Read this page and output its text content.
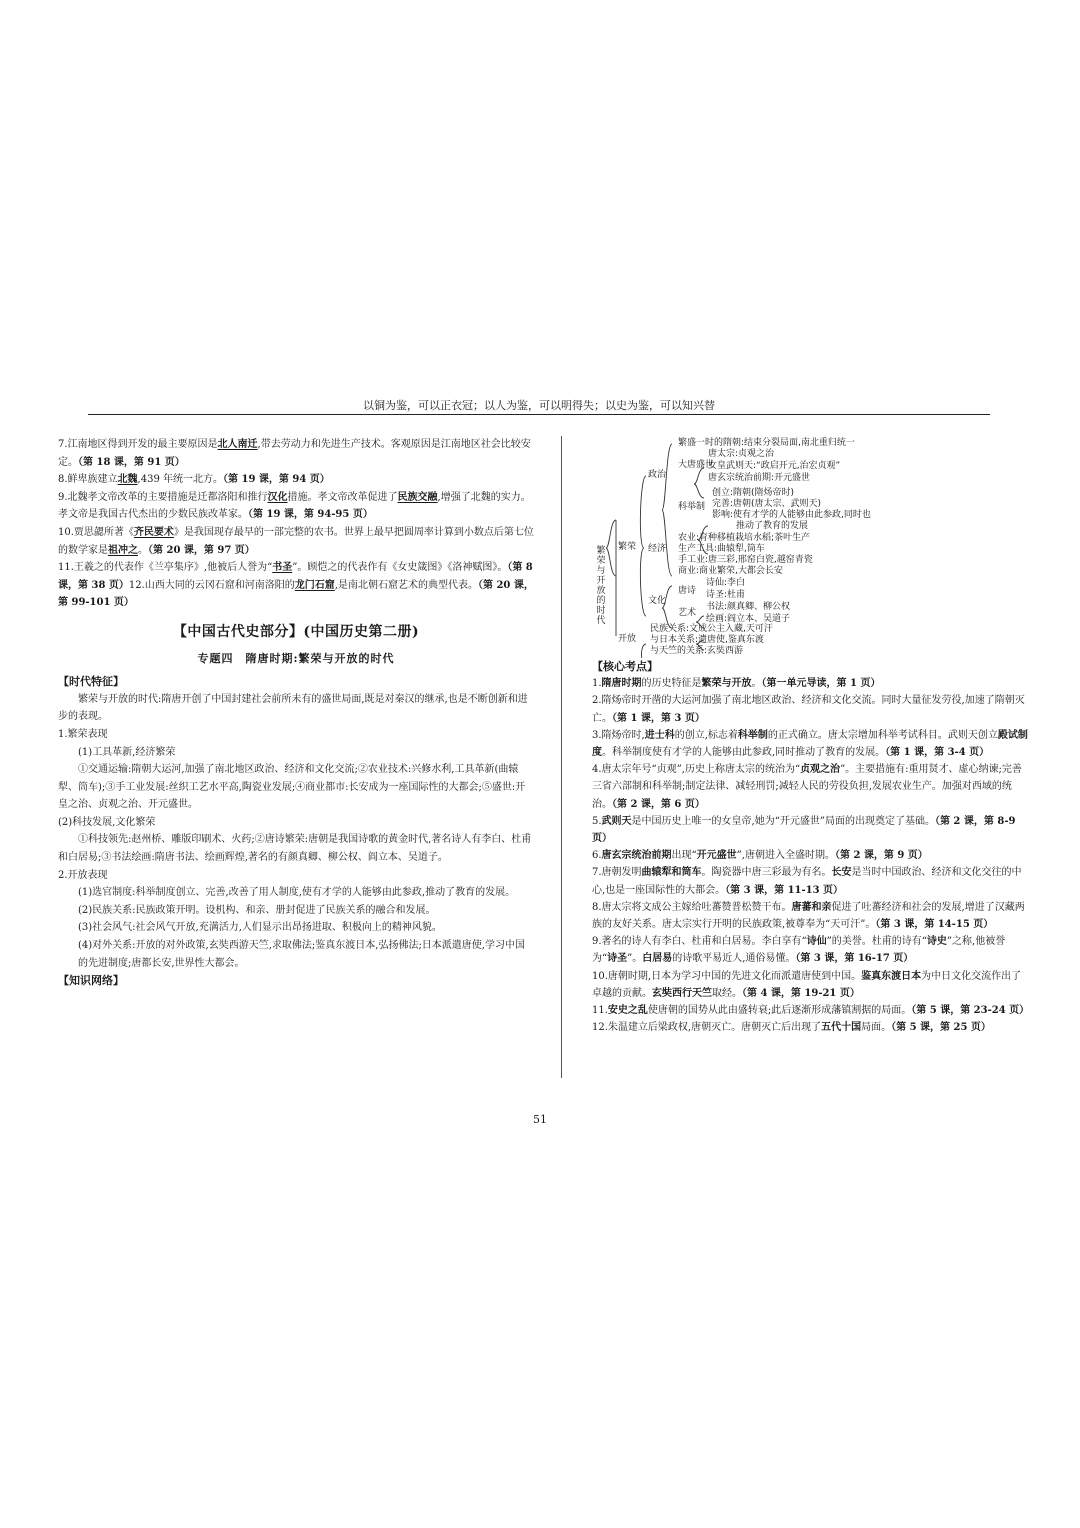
以铜为鉴，可以正衣冠；以人为鉴，可以明得失；以史为鉴，可以知兴替

7.江南地区得到开发的最主要原因是北人南迁,带去劳动力和先进生产技术。客观原因是江南地区社会比较安定。（第 18 课，第 91 页）

8.鲜卑族建立北魏,439 年统一北方。（第 19 课，第 94 页）

9.北魏孝文帝改革的主要措施是迁都洛阳和推行汉化措施。孝文帝改革促进了民族交融,增强了北魏的实力。孝文帝是我国古代杰出的少数民族改革家。（第 19 课，第 94-95 页）

10.贾思勰所著《齐民要术》是我国现存最早的一部完整的农书。世界上最早把圆周率计算到小数点后第七位的数学家是祖冲之。（第 20 课，第 97 页）

11.王羲之的代表作《兰亭集序》,他被后人誉为“书圣”。顾恺之的代表作有《女史箴图》《洛神赋图》。（第 8 课，第 38 页）12.山西大同的云冈石窟和河南洛阳的龙门石窟,是南北朝石窟艺术的典型代表。（第 20 课，第 99-101 页）

【中国古代史部分】(中国历史第二册)
专题四　隋唐时期:繁荣与开放的时代

【时代特征】

繁荣与开放的时代:隋唐开创了中国封建社会前所未有的盛世局面,既是对秦汉的继承,也是不断创新和进步的表现。

1.繁荣表现

(1)工具革新,经济繁荣

①交通运输:隋朝大运河,加强了南北地区政治、经济和文化交流;②农业技术:兴修水利,工具革新(曲辕犁、筒车);③手工业发展:丝织工艺水平高,陶瓷业发展;④商业都市:长安成为一座国际性的大都会;⑤盛世:开皇之治、贞观之治、开元盛世。

(2)科技发展,文化繁荣

①科技领先:赵州桥、雕版印刷术、火药;②唐诗繁荣:唐朝是我国诗歌的黄金时代,著名诗人有李白、杜甫和白居易;③书法绘画:隋唐书法、绘画辉煌,著名的有颜真卿、柳公权、阎立本、吴道子。

2.开放表现

(1)选官制度:科举制度创立、完善,改善了用人制度,使有才学的人能够由此参政,推动了教育的发展。

(2)民族关系:民族政策开明。设机构、和亲、册封促进了民族关系的融合和发展。

(3)社会风气:社会风气开放,充满活力,人们显示出昂扬进取、积极向上的精神风貌。

(4)对外关系:开放的对外政策,玄奘西游天竺,求取佛法;鉴真东渡日本,弘扬佛法;日本派遣唐使,学习中国的先进制度;唐都长安,世界性大都会。

【知识网络】

繁荣与开放的时代
繁荣
开放
政治
经济
文化
繁盛一时的隋朝:结束分裂局面,南北重归统一
大唐盛世
唐太宗:贞观之治
女皇武则天:“政启开元,治宏贞观”
唐玄宗统治前期:开元盛世
科举制
创立:隋朝(隋炀帝时)
完善:唐朝(唐太宗、武则天)
影响:使有才学的人能够由此参政,同时也
推动了教育的发展
农业:育种移植栽培水稻;茶叶生产
生产工具:曲辕犁,筒车
手工业:唐三彩,邢窑白瓷,越窑青瓷
商业:商业繁荣,大都会长安
唐诗
诗仙:李白
诗圣:杜甫
艺术
书法:颜真卿、柳公权
绘画:阎立本、吴道子
民族关系:文成公主入藏,天可汗
与日本关系:遣唐使,鉴真东渡
与天竺的关系:玄奘西游

【核心考点】

1.隋唐时期的历史特征是繁荣与开放。（第一单元导读，第 1 页）

2.隋炀帝时开凿的大运河加强了南北地区政治、经济和文化交流。同时大量征发劳役,加速了隋朝灭亡。（第 1 课，第 3 页）

3.隋炀帝时,进士科的创立,标志着科举制的正式确立。唐太宗增加科举考试科目。武则天创立殿试制度。科举制度使有才学的人能够由此参政,同时推动了教育的发展。（第 1 课，第 3-4 页）

4.唐太宗年号“贞观”,历史上称唐太宗的统治为“贞观之治”。主要措施有:重用贤才、虚心纳谏;完善三省六部制和科举制;制定法律、减轻刑罚;减轻人民的劳役负担,发展农业生产。加强对西域的统治。（第 2 课，第 6 页）

5.武则天是中国历史上唯一的女皇帝,她为“开元盛世”局面的出现奠定了基础。（第 2 课，第 8-9 页）

6.唐玄宗统治前期出现“开元盛世”,唐朝进入全盛时期。（第 2 课，第 9 页）

7.唐朝发明曲辕犁和筒车。陶瓷器中唐三彩最为有名。长安是当时中国政治、经济和文化交往的中心,也是一座国际性的大都会。（第 3 课，第 11-13 页）

8.唐太宗将文成公主嫁给吐蕃赞普松赞干布。唐蕃和亲促进了吐蕃经济和社会的发展,增进了汉藏两族的友好关系。唐太宗实行开明的民族政策,被尊奉为“天可汗”。（第 3 课，第 14-15 页）

9.著名的诗人有李白、杜甫和白居易。李白享有“诗仙”的美誉。杜甫的诗有“诗史”之称,他被誉为“诗圣”。白居易的诗歌平易近人,通俗易懂。（第 3 课，第 16-17 页）

10.唐朝时期,日本为学习中国的先进文化而派遣唐使到中国。鉴真东渡日本为中日文化交流作出了卓越的贡献。玄奘西行天竺取经。（第 4 课，第 19-21 页）

11.安史之乱使唐朝的国势从此由盛转衰;此后逐渐形成藩镇割据的局面。（第 5 课，第 23-24 页）

12.朱温建立后梁政权,唐朝灭亡。唐朝灭亡后出现了五代十国局面。（第 5 课，第 25 页）

51
